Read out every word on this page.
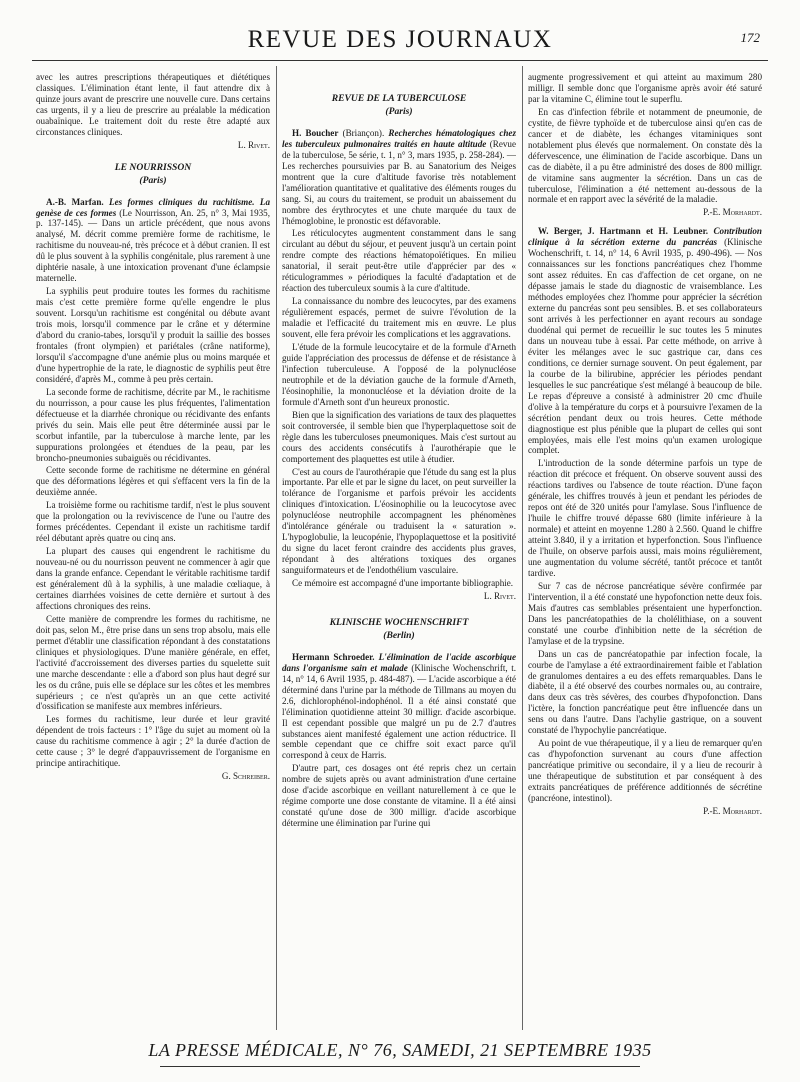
REVUE DES JOURNAUX	172

avec les autres prescriptions thérapeutiques et diététiques classiques. L'élimination étant lente, il faut attendre dix à quinze jours avant de prescrire une nouvelle cure. Dans certains cas urgents, il y a lieu de prescrire au préalable la médication ouabaïnique. Le traitement doit du reste être adapté aux circonstances cliniques.

L. Rivet.

LE NOURRISSON
(Paris)

A.-B. Marfan. Les formes cliniques du rachitisme. La genèse de ces formes (Le Nourrisson, An. 25, n° 3, Mai 1935, p. 137-145). — Dans un article précédent, que nous avons analysé, M. décrit comme première forme de rachitisme, le rachitisme du nouveau-né, très précoce et à début cranien. Il est dû le plus souvent à la syphilis congénitale, plus rarement à une diphtérie nasale, à une intoxication provenant d'une éclampsie maternelle.

La syphilis peut produire toutes les formes du rachitisme mais c'est cette première forme qu'elle engendre le plus souvent. Lorsqu'un rachitisme est congénital ou débute avant trois mois, lorsqu'il commence par le crâne et y détermine d'abord du cranio-tabes, lorsqu'il y produit la saillie des bosses frontales (front olympien) et pariétales (crâne natiforme), lorsqu'il s'accompagne d'une anémie plus ou moins marquée et d'une hypertrophie de la rate, le diagnostic de syphilis peut être considéré, d'après M., comme à peu près certain.

La seconde forme de rachitisme, décrite par M., le rachitisme du nourrisson, a pour cause les plus fréquentes, l'alimentation défectueuse et la diarrhée chronique ou récidivante des enfants privés du sein. Mais elle peut être déterminée aussi par le scorbut infantile, par la tuberculose à marche lente, par les suppurations prolongées et étendues de la peau, par les broncho-pneumonies subaiguës ou récidivantes.

Cette seconde forme de rachitisme ne détermine en général que des déformations légères et qui s'effacent vers la fin de la deuxième année.

La troisième forme ou rachitisme tardif, n'est le plus souvent que la prolongation ou la reviviscence de l'une ou l'autre des formes précédentes. Cependant il existe un rachitisme tardif réel débutant après quatre ou cinq ans.

La plupart des causes qui engendrent le rachitisme du nouveau-né ou du nourrisson peuvent ne commencer à agir que dans la grande enfance. Cependant le véritable rachitisme tardif est généralement dû à la syphilis, à une maladie cœliaque, à certaines diarrhées voisines de cette dernière et surtout à des affections chroniques des reins.

Cette manière de comprendre les formes du rachitisme, ne doit pas, selon M., être prise dans un sens trop absolu, mais elle permet d'établir une classification répondant à des constatations cliniques et physiologiques. D'une manière générale, en effet, l'activité d'accroissement des diverses parties du squelette suit une marche descendante : elle a d'abord son plus haut degré sur les os du crâne, puis elle se déplace sur les côtes et les membres supérieurs ; ce n'est qu'après un an que cette activité d'ossification se manifeste aux membres inférieurs.

Les formes du rachitisme, leur durée et leur gravité dépendent de trois facteurs : 1° l'âge du sujet au moment où la cause du rachitisme commence à agir ; 2° la durée d'action de cette cause ; 3° le degré d'appauvrissement de l'organisme en principe antirachitique.

G. Schreiber.

REVUE DE LA TUBERCULOSE
(Paris)

H. Boucher (Briançon). Recherches hématologiques chez les tuberculeux pulmonaires traités en haute altitude (Revue de la tuberculose, 5e série, t. 1, n° 3, mars 1935, p. 258-284). — Les recherches poursuivies par B. au Sanatorium des Neiges montrent que la cure d'altitude favorise très notablement l'amélioration quantitative et qualitative des éléments rouges du sang. Si, au cours du traitement, se produit un abaissement du nombre des érythrocytes et une chute marquée du taux de l'hémoglobine, le pronostic est défavorable.

Les réticulocytes augmentent constamment dans le sang circulant au début du séjour, et peuvent jusqu'à un certain point rendre compte des réactions hématopoïétiques. En milieu sanatorial, il serait peut-être utile d'apprécier par des « réticulogrammes » périodiques la faculté d'adaptation et de réaction des tuberculeux soumis à la cure d'altitude.

La connaissance du nombre des leucocytes, par des examens régulièrement espacés, permet de suivre l'évolution de la maladie et l'efficacité du traitement mis en œuvre. Le plus souvent, elle fera prévoir les complications et les aggravations.

L'étude de la formule leucocytaire et de la formule d'Arneth guide l'appréciation des processus de défense et de résistance à l'infection tuberculeuse. A l'opposé de la polynucléose neutrophile et de la déviation gauche de la formule d'Arneth, l'éosinophilie, la mononucléose et la déviation droite de la formule d'Arneth sont d'un heureux pronostic.

Bien que la signification des variations de taux des plaquettes soit controversée, il semble bien que l'hyperplaquettose soit de règle dans les tuberculoses pneumoniques. Mais c'est surtout au cours des accidents consécutifs à l'aurothérapie que le comportement des plaquettes est utile à étudier.

C'est au cours de l'aurothérapie que l'étude du sang est la plus importante. Par elle et par le signe du lacet, on peut surveiller la tolérance de l'organisme et parfois prévoir les accidents cliniques d'intoxication. L'éosinophilie ou la leucocytose avec polynucléose neutrophile accompagnent les phénomènes d'intolérance générale ou traduisent la « saturation ». L'hypoglobulie, la leucopénie, l'hypoplaquettose et la positivité du signe du lacet feront craindre des accidents plus graves, répondant à des altérations toxiques des organes sanguiformateurs et de l'endothélium vasculaire.

Ce mémoire est accompagné d'une importante bibliographie.

L. Rivet.

KLINISCHE WOCHENSCHRIFT
(Berlin)

Hermann Schroeder. L'élimination de l'acide ascorbique dans l'organisme sain et malade (Klinische Wochenschrift, t. 14, n° 14, 6 Avril 1935, p. 484-487). — L'acide ascorbique a été déterminé dans l'urine par la méthode de Tillmans au moyen du 2.6, dichlorophénol-indophénol. Il a été ainsi constaté que l'élimination quotidienne atteint 30 milligr. d'acide ascorbique. Il est cependant possible que malgré un pu de 2.7 d'autres substances aient manifesté également une action réductrice. Il semble cependant que ce chiffre soit exact parce qu'il correspond à ceux de Harris.

D'autre part, ces dosages ont été repris chez un certain nombre de sujets après ou avant administration d'une certaine dose d'acide ascorbique en veillant naturellement à ce que le régime comporte une dose constante de vitamine. Il a été ainsi constaté qu'une dose de 300 milligr. d'acide ascorbique détermine une élimination par l'urine qui

augmente progressivement et qui atteint au maximum 280 milligr. Il semble donc que l'organisme après avoir été saturé par la vitamine C, élimine tout le superflu.

En cas d'infection fébrile et notamment de pneumonie, de cystite, de fièvre typhoïde et de tuberculose ainsi qu'en cas de cancer et de diabète, les échanges vitaminiques sont notablement plus élevés que normalement. On constate dès la défervescence, une élimination de l'acide ascorbique. Dans un cas de diabète, il a pu être administré des doses de 800 milligr. de vitamine sans augmenter la sécrétion. Dans un cas de tuberculose, l'élimination a été nettement au-dessous de la normale et en rapport avec la sévérité de la maladie.

P.-E. Morhardt.

W. Berger, J. Hartmann et H. Leubner. Contribution clinique à la sécrétion externe du pancréas (Klinische Wochenschrift, t. 14, n° 14, 6 Avril 1935, p. 490-496). — Nos connaissances sur les fonctions pancréatiques chez l'homme sont assez réduites. En cas d'affection de cet organe, on ne dépasse jamais le stade du diagnostic de vraisemblance. Les méthodes employées chez l'homme pour apprécier la sécrétion externe du pancréas sont peu sensibles. B. et ses collaborateurs sont arrivés à les perfectionner en ayant recours au sondage duodénal qui permet de recueillir le suc toutes les 5 minutes dans un nouveau tube à essai. Par cette méthode, on arrive à éviter les mélanges avec le suc gastrique car, dans ces conditions, ce dernier surnage souvent. On peut également, par la courbe de la bilirubine, apprécier les périodes pendant lesquelles le suc pancréatique s'est mélangé à beaucoup de bile. Le repas d'épreuve a consisté à administrer 20 cmc d'huile d'olive à la température du corps et à poursuivre l'examen de la sécrétion pendant deux ou trois heures. Cette méthode diagnostique est plus pénible que la plupart de celles qui sont employées, mais elle l'est moins qu'un examen urologique complet.

L'introduction de la sonde détermine parfois un type de réaction dit précoce et fréquent. On observe souvent aussi des réactions tardives ou l'absence de toute réaction. D'une façon générale, les chiffres trouvés à jeun et pendant les périodes de repos ont été de 320 unités pour l'amylase. Sous l'influence de l'huile le chiffre trouvé dépasse 680 (limite inférieure à la normale) et atteint en moyenne 1.280 à 2.560. Quand le chiffre atteint 3.840, il y a irritation et hyperfonction. Sous l'influence de l'huile, on observe parfois aussi, mais moins régulièrement, une augmentation du volume sécrété, tantôt précoce et tantôt tardive.

Sur 7 cas de nécrose pancréatique sévère confirmée par l'intervention, il a été constaté une hypofonction nette deux fois. Mais d'autres cas semblables présentaient une hyperfonction. Dans les pancréatopathies de la cholélithiase, on a souvent constaté une courbe d'inhibition nette de la sécrétion de l'amylase et de la trypsine.

Dans un cas de pancréatopathie par infection focale, la courbe de l'amylase a été extraordinairement faible et l'ablation de granulomes dentaires a eu des effets remarquables. Dans le diabète, il a été observé des courbes normales ou, au contraire, dans deux cas très sévères, des courbes d'hypofonction. Dans l'ictère, la fonction pancréatique peut être influencée dans un sens ou dans l'autre. Dans l'achylie gastrique, on a souvent constaté de l'hypochylie pancréatique.

Au point de vue thérapeutique, il y a lieu de remarquer qu'en cas d'hypofonction survenant au cours d'une affection pancréatique primitive ou secondaire, il y a lieu de recourir à une thérapeutique de substitution et par conséquent à des extraits pancréatiques de préférence additionnés de sécrétine (pancréone, intestinol).

P.-E. Morhardt.

LA PRESSE MÉDICALE, N° 76, SAMEDI, 21 SEPTEMBRE 1935
